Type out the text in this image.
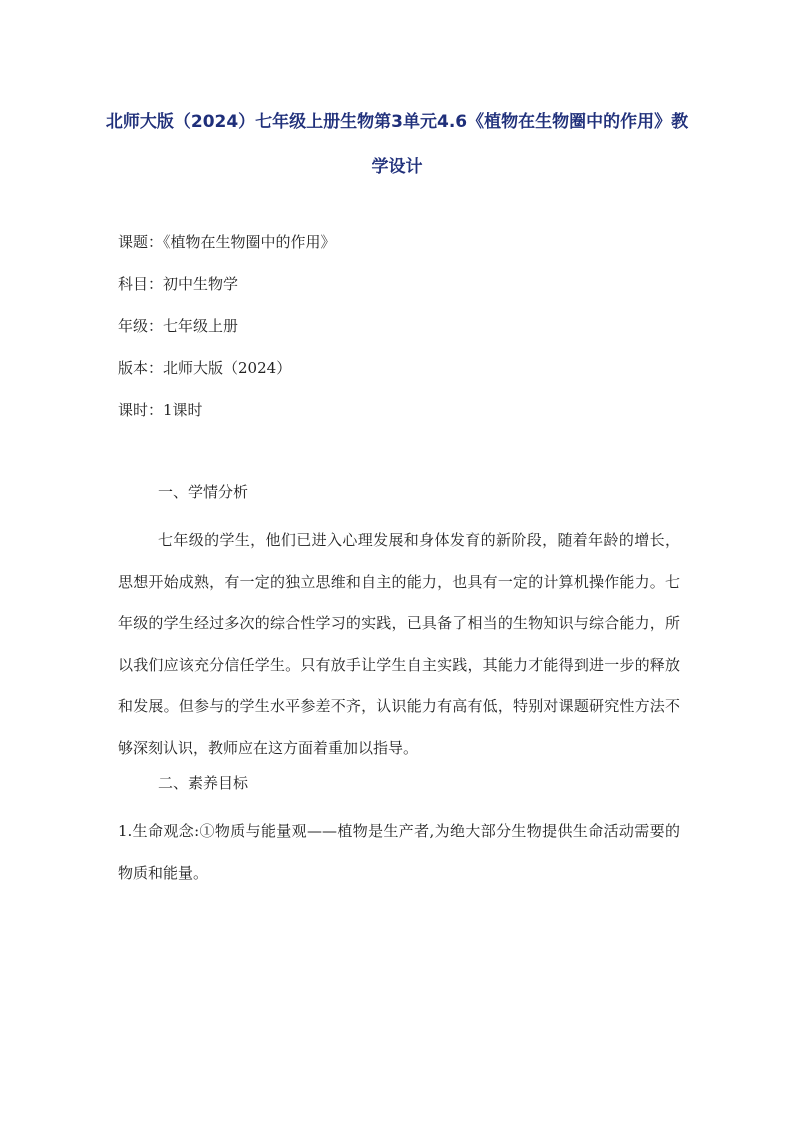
北师大版（2024）七年级上册生物第3单元4.6《植物在生物圈中的作用》教学设计
课题：《植物在生物圈中的作用》
科目：初中生物学
年级：七年级上册
版本：北师大版（2024）
课时：1课时

一、学情分析

七年级的学生，他们已进入心理发展和身体发育的新阶段，随着年龄的增长，思想开始成熟，有一定的独立思维和自主的能力，也具有一定的计算机操作能力。七年级的学生经过多次的综合性学习的实践，已具备了相当的生物知识与综合能力，所以我们应该充分信任学生。只有放手让学生自主实践，其能力才能得到进一步的释放和发展。但参与的学生水平参差不齐，认识能力有高有低，特别对课题研究性方法不够深刻认识，教师应在这方面着重加以指导。

二、素养目标

1.生命观念:①物质与能量观——植物是生产者,为绝大部分生物提供生命活动需要的物质和能量。
